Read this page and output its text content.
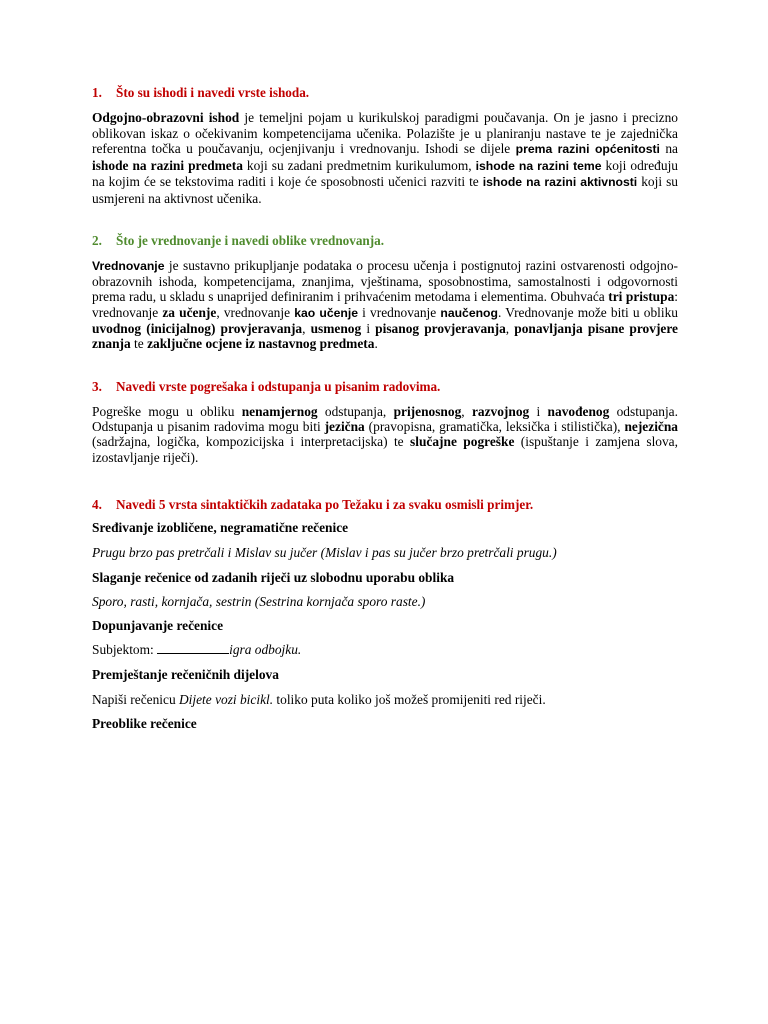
1. Što su ishodi i navedi vrste ishoda.

Odgojno-obrazovni ishod je temeljni pojam u kurikulskoj paradigmi poučavanja. On je jasno i precizno oblikovan iskaz o očekivanim kompetencijama učenika. Polazište je u planiranju nastave te je zajednička referentna točka u poučavanju, ocjenjivanju i vrednovanju. Ishodi se dijele prema razini općenitosti na ishode na razini predmeta koji su zadani predmetnim kurikulumom, ishode na razini teme koji određuju na kojim će se tekstovima raditi i koje će sposobnosti učenici razviti te ishode na razini aktivnosti koji su usmjereni na aktivnost učenika.

2. Što je vrednovanje i navedi oblike vrednovanja.

Vrednovanje je sustavno prikupljanje podataka o procesu učenja i postignutoj razini ostvarenosti odgojno-obrazovnih ishoda, kompetencijama, znanjima, vještinama, sposobnostima, samostalnosti i odgovornosti prema radu, u skladu s unaprijed definiranim i prihvaćenim metodama i elementima. Obuhvaća tri pristupa: vrednovanje za učenje, vrednovanje kao učenje i vrednovanje naučenog. Vrednovanje može biti u obliku uvodnog (inicijalnog) provjeravanja, usmenog i pisanog provjeravanja, ponavljanja pisane provjere znanja te zaključne ocjene iz nastavnog predmeta.

3. Navedi vrste pogrešaka i odstupanja u pisanim radovima.

Pogreške mogu u obliku nenamjernog odstupanja, prijenosnog, razvojnog i navođenog odstupanja. Odstupanja u pisanim radovima mogu biti jezična (pravopisna, gramatička, leksička i stilistička), nejezična (sadržajna, logička, kompozicijska i interpretacijska) te slučajne pogreške (ispuštanje i zamjena slova, izostavljanje riječi).

4. Navedi 5 vrsta sintaktičkih zadataka po Težaku i za svaku osmisli primjer.

Sređivanje izobličene, negramatične rečenice

Prugu brzo pas pretrčali i Mislav su jučer (Mislav i pas su jučer brzo pretrčali prugu.)

Slaganje rečenice od zadanih riječi uz slobodnu uporabu oblika

Sporo, rasti, kornjača, sestrin (Sestrina kornjača sporo raste.)

Dopunjavanje rečenice

Subjektom:	igra odbojku.

Premještanje rečeničnih dijelova

Napiši rečenicu Dijete vozi bicikl. toliko puta koliko još možeš promijeniti red riječi.

Preoblike rečenice
